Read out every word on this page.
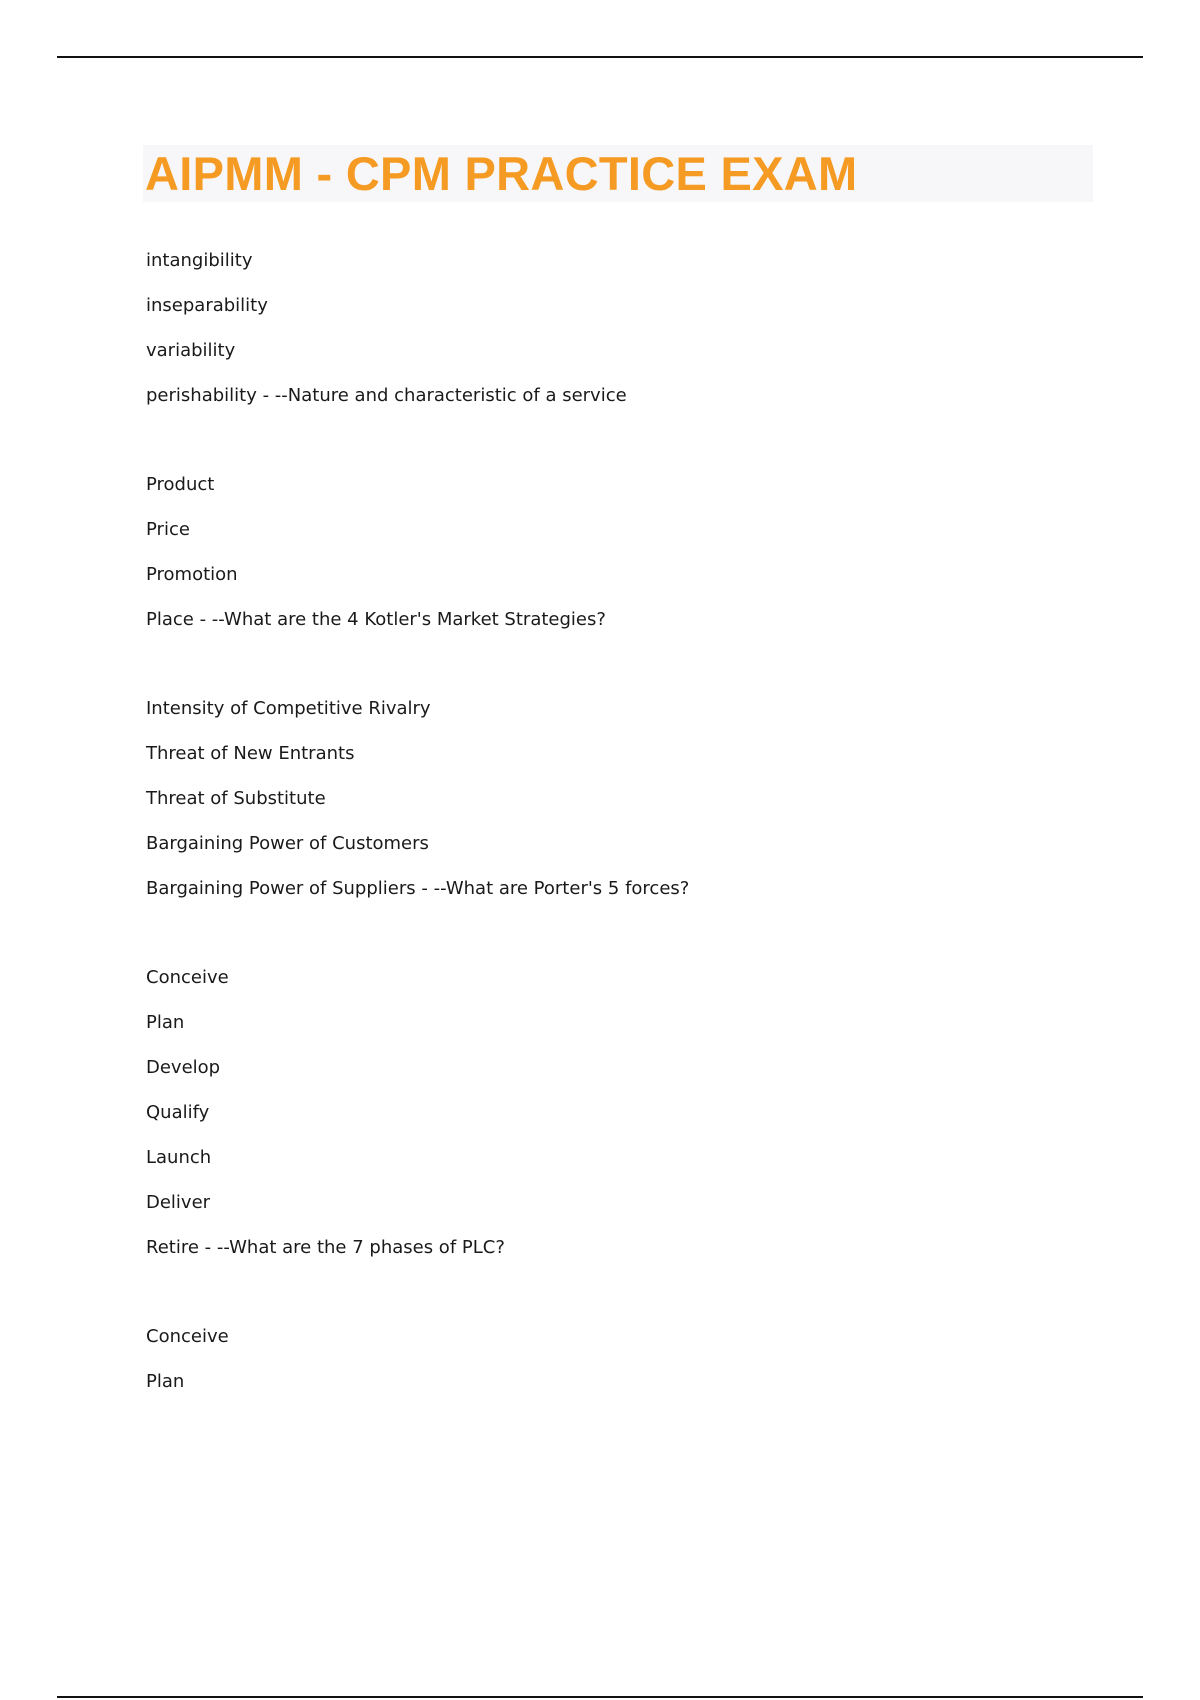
AIPMM - CPM PRACTICE EXAM

intangibility

inseparability

variability

perishability - --Nature and characteristic of a service

Product

Price

Promotion

Place - --What are the 4 Kotler's Market Strategies?

Intensity of Competitive Rivalry

Threat of New Entrants

Threat of Substitute

Bargaining Power of Customers

Bargaining Power of Suppliers - --What are Porter's 5 forces?

Conceive

Plan

Develop

Qualify

Launch

Deliver

Retire - --What are the 7 phases of PLC?

Conceive

Plan
